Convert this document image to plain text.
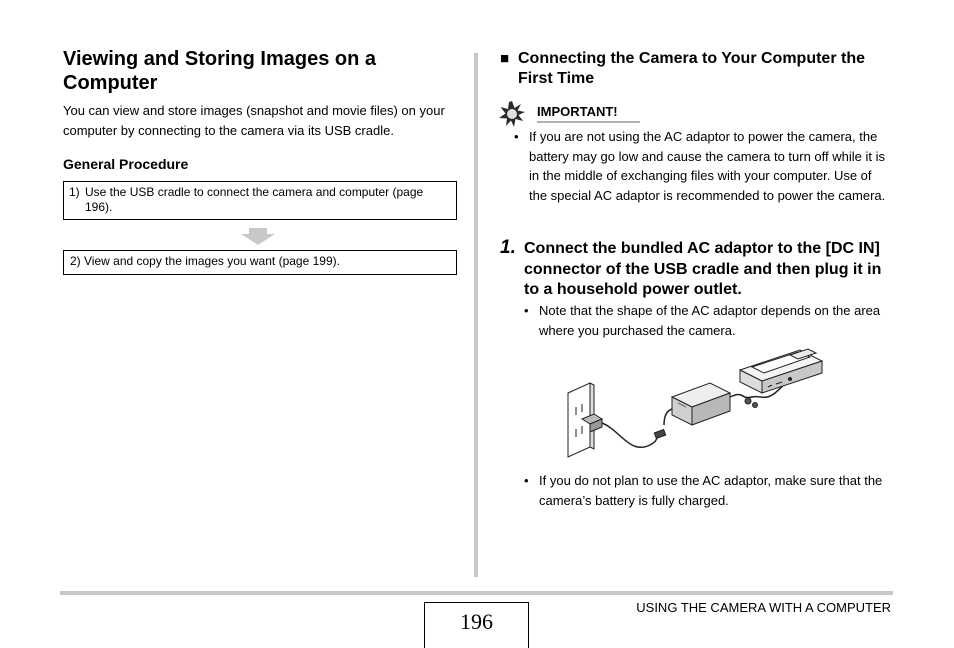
Viewing and Storing Images on a Computer
You can view and store images (snapshot and movie files) on your computer by connecting to the camera via its USB cradle.
General Procedure
1) Use the USB cradle to connect the camera and computer (page 196).
2) View and copy the images you want (page 199).
■ Connecting the Camera to Your Computer the First Time
IMPORTANT!
• If you are not using the AC adaptor to power the camera, the battery may go low and cause the camera to turn off while it is in the middle of exchanging files with your computer. Use of the special AC adaptor is recommended to power the camera.
1. Connect the bundled AC adaptor to the [DC IN] connector of the USB cradle and then plug it in to a household power outlet.
• Note that the shape of the AC adaptor depends on the area where you purchased the camera.
• If you do not plan to use the AC adaptor, make sure that the camera’s battery is fully charged.
196
USING THE CAMERA WITH A COMPUTER
